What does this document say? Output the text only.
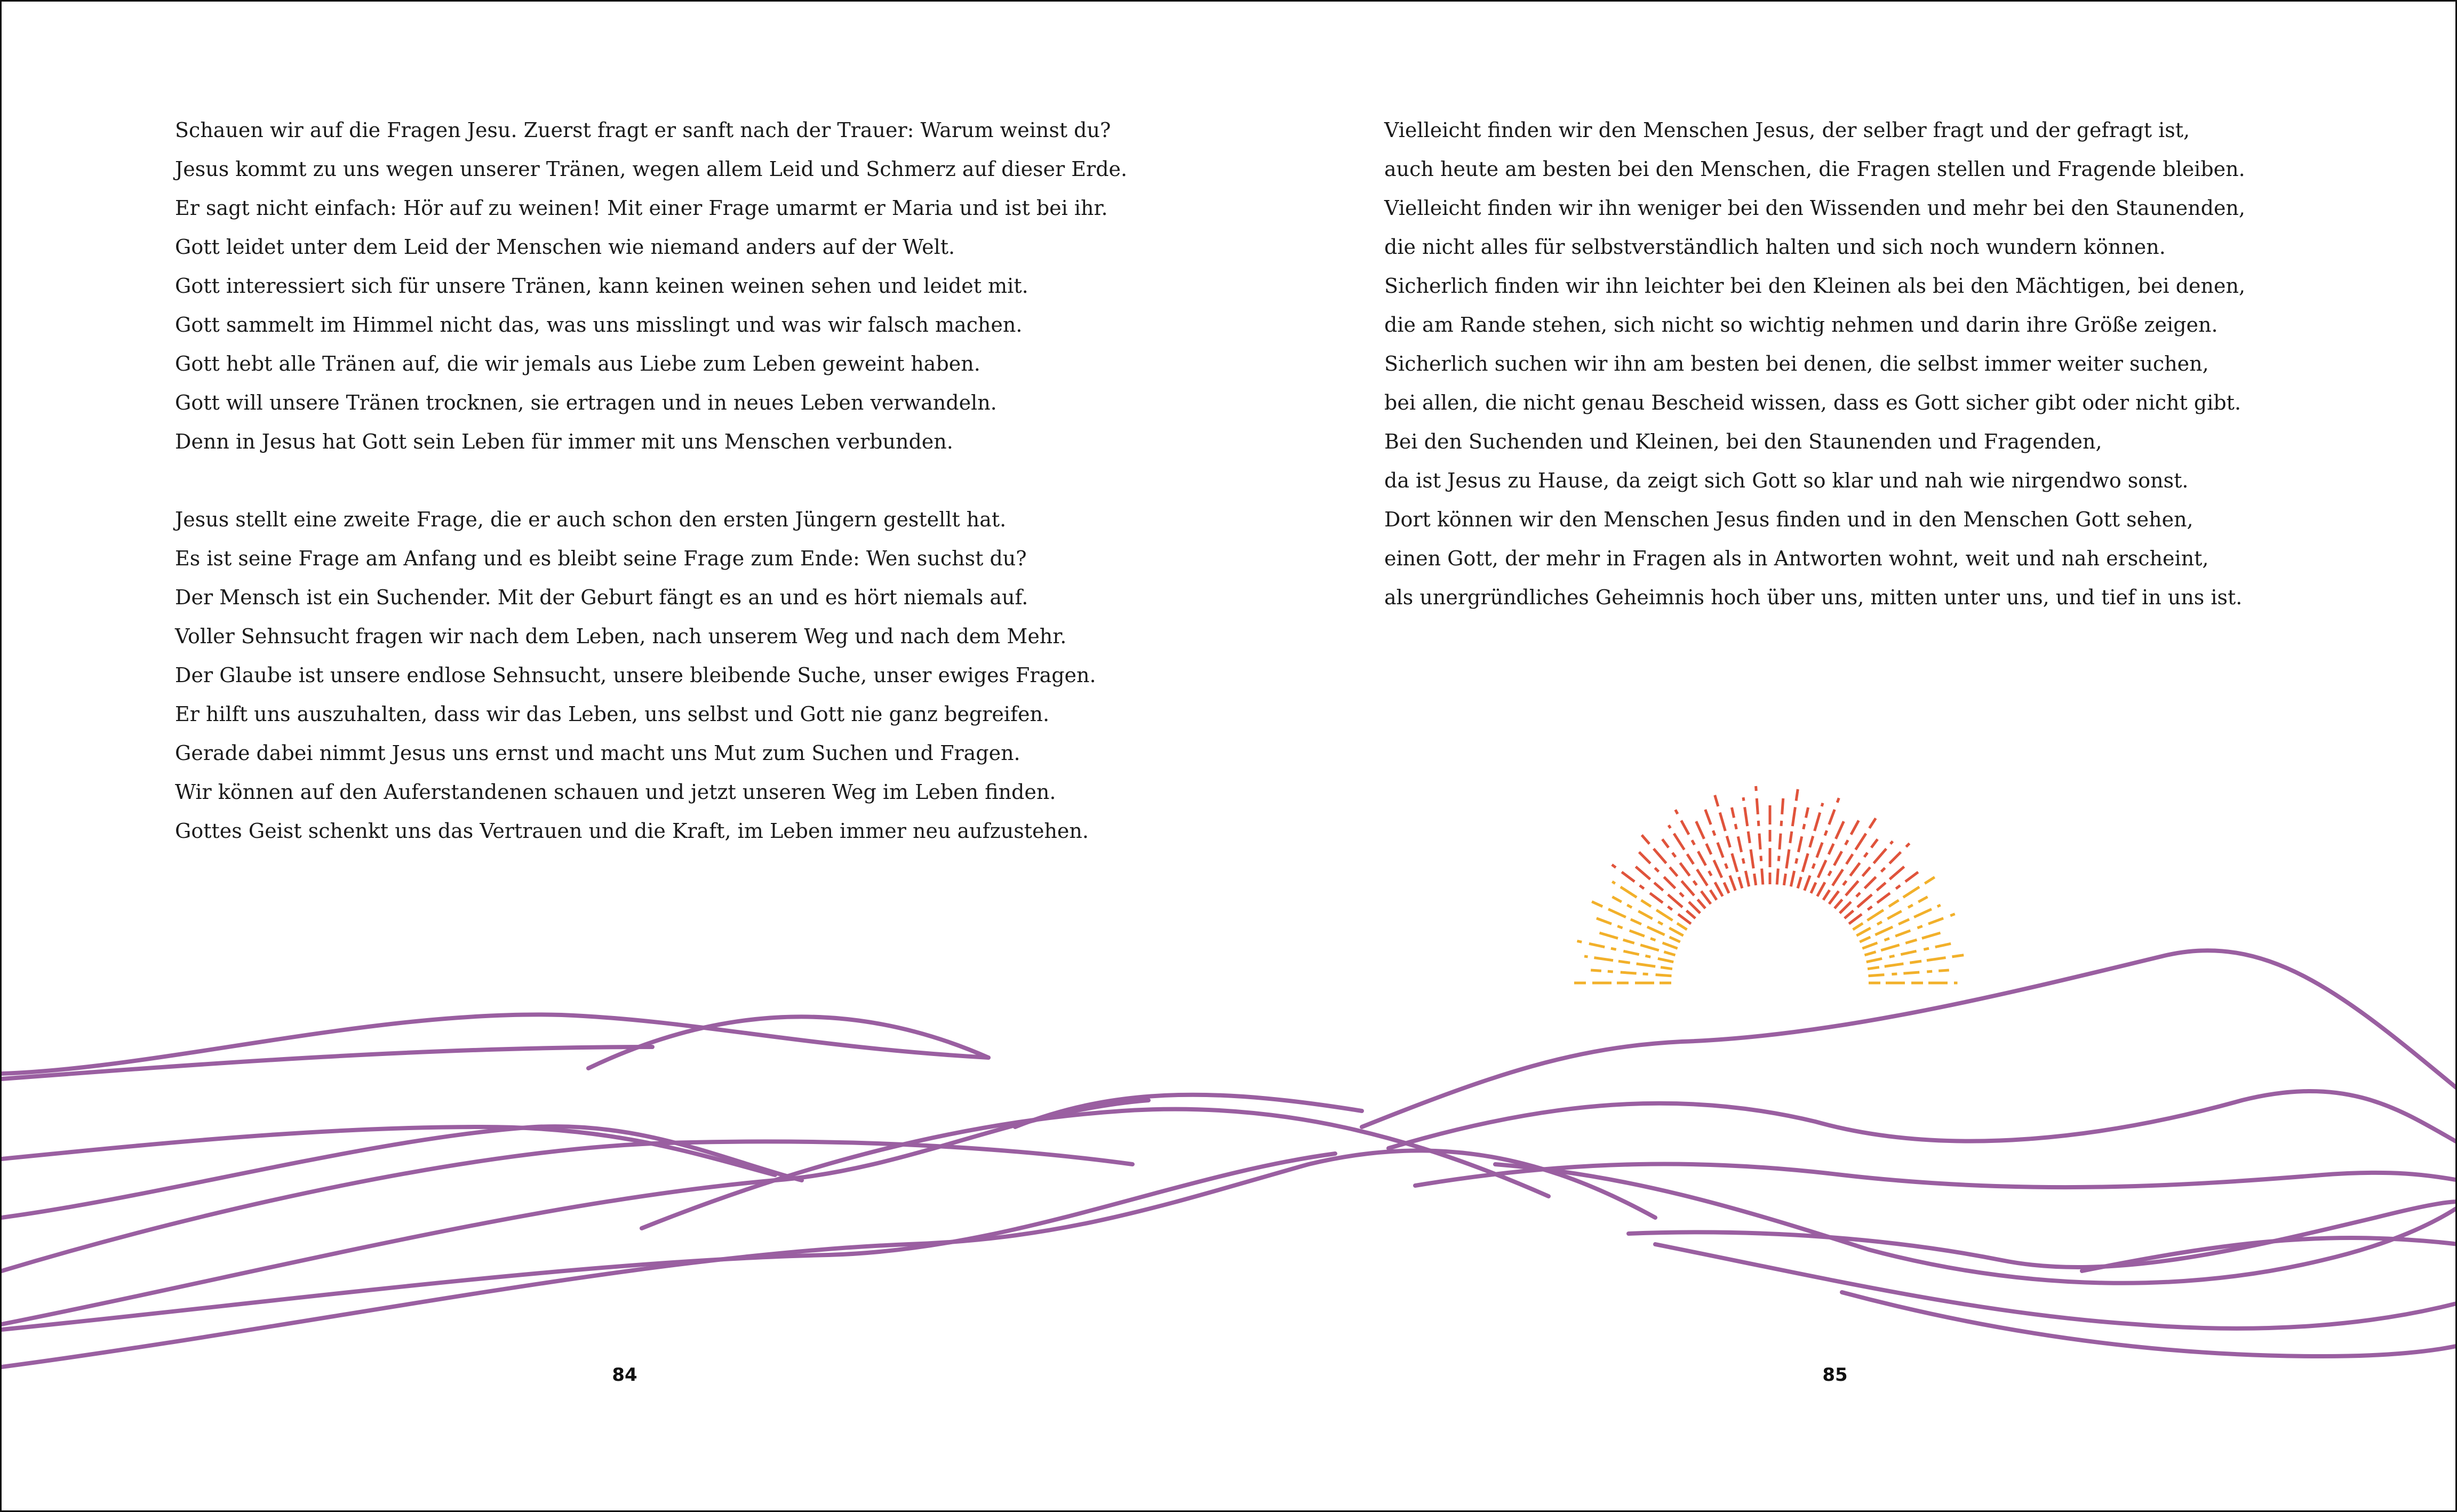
Schauen wir auf die Fragen Jesu. Zuerst fragt er sanft nach der Trauer: Warum weinst du?
Jesus kommt zu uns wegen unserer Tränen, wegen allem Leid und Schmerz auf dieser Erde.
Er sagt nicht einfach: Hör auf zu weinen! Mit einer Frage umarmt er Maria und ist bei ihr.
Gott leidet unter dem Leid der Menschen wie niemand anders auf der Welt.
Gott interessiert sich für unsere Tränen, kann keinen weinen sehen und leidet mit.
Gott sammelt im Himmel nicht das, was uns misslingt und was wir falsch machen.
Gott hebt alle Tränen auf, die wir jemals aus Liebe zum Leben geweint haben.
Gott will unsere Tränen trocknen, sie ertragen und in neues Leben verwandeln.
Denn in Jesus hat Gott sein Leben für immer mit uns Menschen verbunden.
Jesus stellt eine zweite Frage, die er auch schon den ersten Jüngern gestellt hat.
Es ist seine Frage am Anfang und es bleibt seine Frage zum Ende: Wen suchst du?
Der Mensch ist ein Suchender. Mit der Geburt fängt es an und es hört niemals auf.
Voller Sehnsucht fragen wir nach dem Leben, nach unserem Weg und nach dem Mehr.
Der Glaube ist unsere endlose Sehnsucht, unsere bleibende Suche, unser ewiges Fragen.
Er hilft uns auszuhalten, dass wir das Leben, uns selbst und Gott nie ganz begreifen.
Gerade dabei nimmt Jesus uns ernst und macht uns Mut zum Suchen und Fragen.
Wir können auf den Auferstandenen schauen und jetzt unseren Weg im Leben finden.
Gottes Geist schenkt uns das Vertrauen und die Kraft, im Leben immer neu aufzustehen.
Vielleicht finden wir den Menschen Jesus, der selber fragt und der gefragt ist,
auch heute am besten bei den Menschen, die Fragen stellen und Fragende bleiben.
Vielleicht finden wir ihn weniger bei den Wissenden und mehr bei den Staunenden,
die nicht alles für selbstverständlich halten und sich noch wundern können.
Sicherlich finden wir ihn leichter bei den Kleinen als bei den Mächtigen, bei denen,
die am Rande stehen, sich nicht so wichtig nehmen und darin ihre Größe zeigen.
Sicherlich suchen wir ihn am besten bei denen, die selbst immer weiter suchen,
bei allen, die nicht genau Bescheid wissen, dass es Gott sicher gibt oder nicht gibt.
Bei den Suchenden und Kleinen, bei den Staunenden und Fragenden,
da ist Jesus zu Hause, da zeigt sich Gott so klar und nah wie nirgendwo sonst.
Dort können wir den Menschen Jesus finden und in den Menschen Gott sehen,
einen Gott, der mehr in Fragen als in Antworten wohnt, weit und nah erscheint,
als unergründliches Geheimnis hoch über uns, mitten unter uns, und tief in uns ist.
84	85
